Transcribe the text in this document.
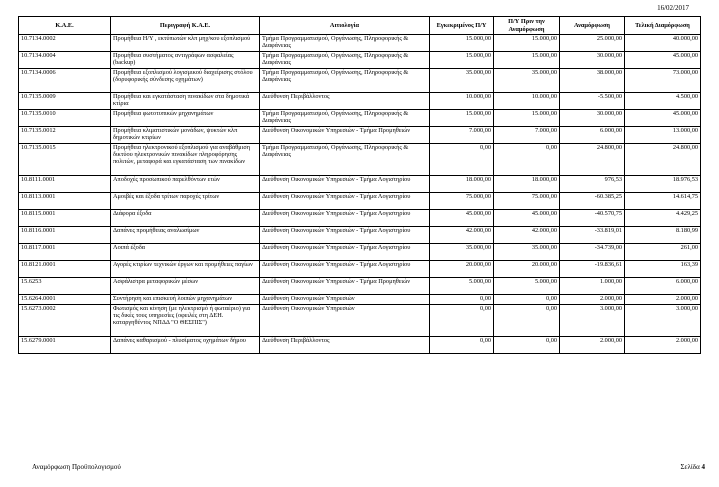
16/02/2017
Κ.Α.Ε.	Περιγραφή Κ.Α.Ε.	Αιτιολογία	Εγκεκριμένος Π/Υ	Π/Υ Πριν την Αναμόρφωση	Αναμόρφωση	Τελική Διαμόρφωση
10.7134.0002	Προμήθεια Η/Υ , εκτύπωτών κλπ μηχ/κου εξοπλισμού	Τμήμα Προγραμματισμού, Οργάνωσης, Πληροφορικής & Διαφάνειας	15.000,00	15.000,00	25.000,00	40.000,00
10.7134.0004	Προμήθεια συστήματος αντιγράφων ασφαλείας (backup)	Τμήμα Προγραμματισμού, Οργάνωσης, Πληροφορικής & Διαφάνειας	15.000,00	15.000,00	30.000,00	45.000,00
10.7134.0006	Προμήθεια εξοπλισμού λογισμικού διαχείρισης στόλου (δορυφορικής σύνδεσης οχημάτων)	Τμήμα Προγραμματισμού, Οργάνωσης, Πληροφορικής & Διαφάνειας	35.000,00	35.000,00	38.000,00	73.000,00
10.7135.0009	Προμήθεια και εγκατάσταση πινακίδων στα δημοτικά κτίρια	Διεύθυνση Περιβάλλοντος	10.000,00	10.000,00	-5.500,00	4.500,00
10.7135.0010	Προμήθεια φωτοτυπικών μηχανημάτων	Τμήμα Προγραμματισμού, Οργάνωσης, Πληροφορικής & Διαφάνειας	15.000,00	15.000,00	30.000,00	45.000,00
10.7135.0012	Προμήθεια κλιματιστικών μονάδων, ψυκτών κλπ δημοτικών κτιρίων	Διεύθυνση Οικονομικών Υπηρεσιών - Τμήμα Προμηθειών	7.000,00	7.000,00	6.000,00	13.000,00
10.7135.0015	Προμήθεια ηλεκτρονικού εξοπλισμού για αναβάθμιση δικτύου ηλεκτρονικών πινακίδων πληροφόρησης πολιτών, μεταφορά και εγκατάσταση των πινακίδων	Τμήμα Προγραμματισμού, Οργάνωσης, Πληροφορικής & Διαφάνειας	0,00	0,00	24.800,00	24.800,00
10.8111.0001	Αποδοχές προσωπικού παρελθόντων ετών	Διεύθυνση Οικονομικών Υπηρεσιών - Τμήμα Λογιστηρίου	18.000,00	18.000,00	976,53	18.976,53
10.8113.0001	Αμοιβές και έξοδα τρίτων παροχές τρίτων	Διεύθυνση Οικονομικών Υπηρεσιών - Τμήμα Λογιστηρίου	75.000,00	75.000,00	-60.385,25	14.614,75
10.8115.0001	Διάφορα έξοδα	Διεύθυνση Οικονομικών Υπηρεσιών - Τμήμα Λογιστηρίου	45.000,00	45.000,00	-40.570,75	4.429,25
10.8116.0001	Δαπάνες προμήθειας αναλωσίμων	Διεύθυνση Οικονομικών Υπηρεσιών - Τμήμα Λογιστηρίου	42.000,00	42.000,00	-33.819,01	8.180,99
10.8117.0001	Λοιπά έξοδα	Διεύθυνση Οικονομικών Υπηρεσιών - Τμήμα Λογιστηρίου	35.000,00	35.000,00	-34.739,00	261,00
10.8121.0001	Αγορές κτιρίων τεχνικών έργων και προμήθειες παγίων	Διεύθυνση Οικονομικών Υπηρεσιών - Τμήμα Λογιστηρίου	20.000,00	20.000,00	-19.836,61	163,39
15.6253	Ασφάλιστρα μεταφορικών μέσων	Διεύθυνση Οικονομικών Υπηρεσιών - Τμήμα Προμηθειών	5.000,00	5.000,00	1.000,00	6.000,00
15.6264.0001	Συντήρηση και επισκευή λοιπών μηχανημάτων	Διεύθυνση Οικονομικών Υπηρεσιών	0,00	0,00	2.000,00	2.000,00
15.6273.0002	Φωτισμός και κίνηση (με ηλεκτρισμό ή φωταέριο) για τις δικές τους υπηρεσίες (οφειλές στη ΔΕΗ. καταργηθέντος ΝΠΔΔ "Ο ΘΕΣΠΙΣ")	Διεύθυνση Οικονομικών Υπηρεσιών	0,00	0,00	3.000,00	3.000,00
15.6279.0001	Δαπάνες καθαρισμού - πλυσίματος οχημάτων δήμου	Διεύθυνση Περιβάλλοντος	0,00	0,00	2.000,00	2.000,00
Αναμόρφωση Προϋπολογισμού	Σελίδα 4
